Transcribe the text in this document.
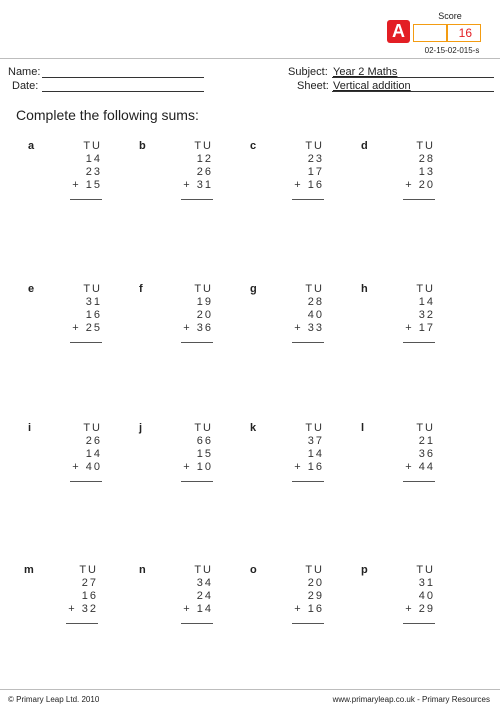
A
Score
16
02-15-02-015-s
Name:
Date:
Subject: Year 2 Maths
Sheet: Vertical addition
Complete the following sums:
a	TU
14
23
+ 15
b	TU
12
26
+ 31
c	TU
23
17
+ 16
d	TU
28
13
+ 20
e	TU
31
16
+ 25
f	TU
19
20
+ 36
g	TU
28
40
+ 33
h	TU
14
32
+ 17
i	TU
26
14
+ 40
j	TU
66
15
+ 10
k	TU
37
14
+ 16
l	TU
21
36
+ 44
m	TU
27
16
+ 32
n	TU
34
24
+ 14
o	TU
20
29
+ 16
p	TU
31
40
+ 29
© Primary Leap Ltd. 2010	www.primaryleap.co.uk - Primary Resources
